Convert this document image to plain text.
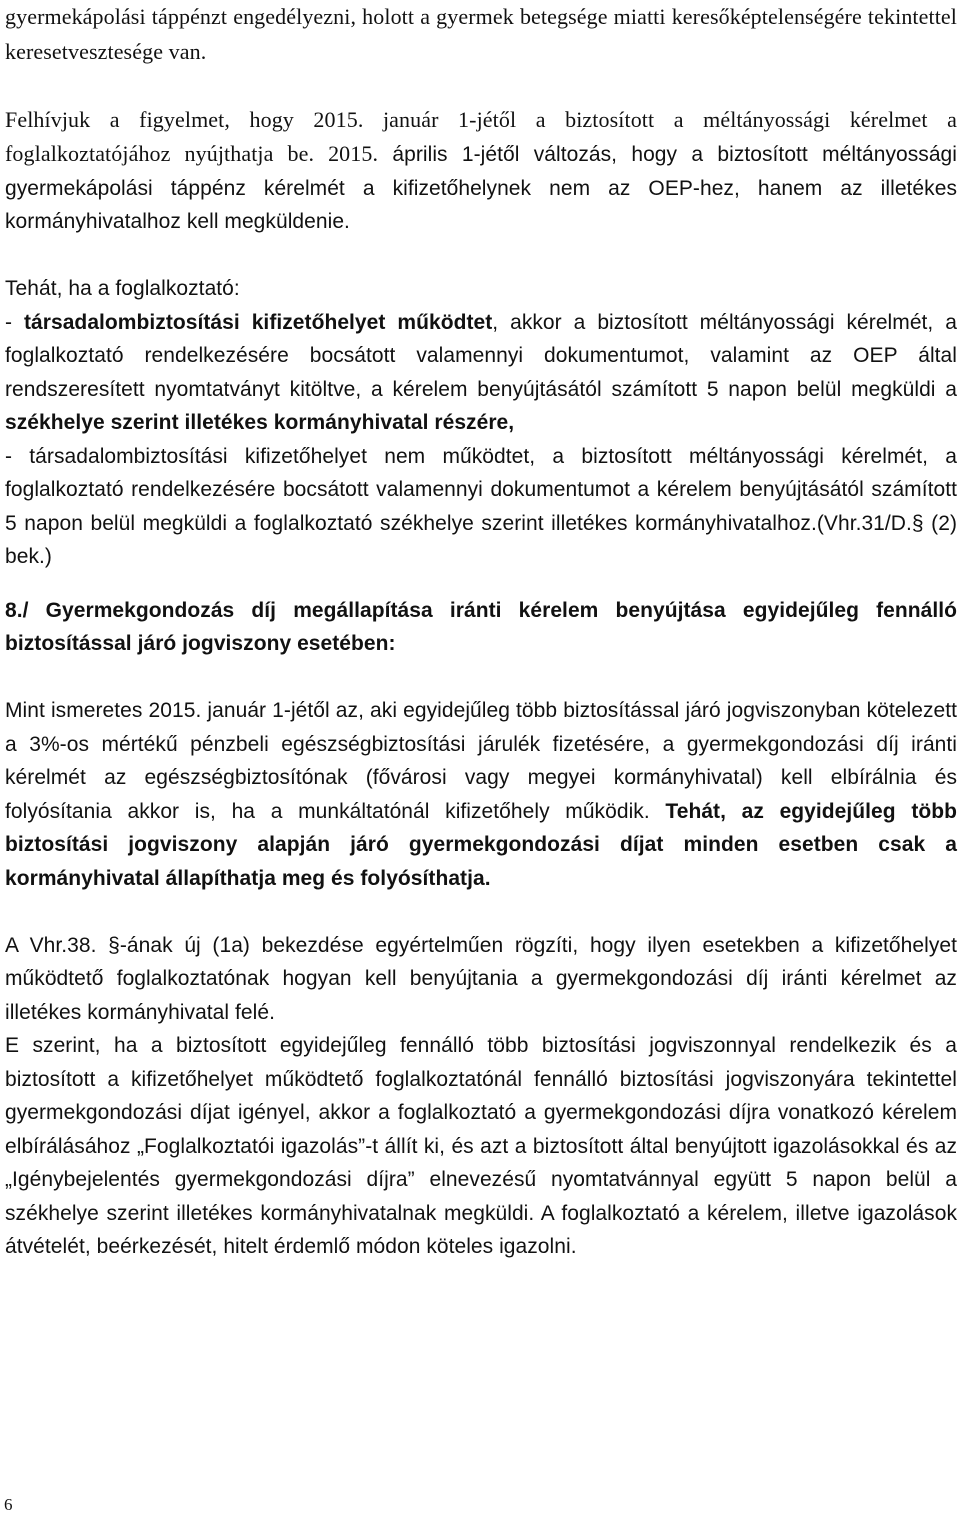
gyermekápolási táppénzt engedélyezni, holott a gyermek betegsége miatti keresőképtelenségére tekintettel keresetvesztesége van.

Felhívjuk a figyelmet, hogy 2015. január 1-jétől a biztosított a méltányossági kérelmet a foglalkoztatójához nyújthatja be. 2015. április 1-jétől változás, hogy a biztosított méltányossági gyermekápolási táppénz kérelmét a kifizetőhelynek nem az OEP-hez, hanem az illetékes kormányhivatalhoz kell megküldenie.

Tehát, ha a foglalkoztató:

- társadalombiztosítási kifizetőhelyet működtet, akkor a biztosított méltányossági kérelmét, a foglalkoztató rendelkezésére bocsátott valamennyi dokumentumot, valamint az OEP által rendszeresített nyomtatványt kitöltve, a kérelem benyújtásától számított 5 napon belül megküldi a székhelye szerint illetékes kormányhivatal részére,

- társadalombiztosítási kifizetőhelyet nem működtet, a biztosított méltányossági kérelmét, a foglalkoztató rendelkezésére bocsátott valamennyi dokumentumot a kérelem benyújtásától számított 5 napon belül megküldi a foglalkoztató székhelye szerint illetékes kormányhivatalhoz.(Vhr.31/D.§ (2) bek.)

8./ Gyermekgondozás díj megállapítása iránti kérelem benyújtása egyidejűleg fennálló biztosítással járó jogviszony esetében:

Mint ismeretes 2015. január 1-jétől az, aki egyidejűleg több biztosítással járó jogviszonyban kötelezett a 3%-os mértékű pénzbeli egészségbiztosítási járulék fizetésére, a gyermekgondozási díj iránti kérelmét az egészségbiztosítónak (fővárosi vagy megyei kormányhivatal) kell elbírálnia és folyósítania akkor is, ha a munkáltatónál kifizetőhely működik. Tehát, az egyidejűleg több biztosítási jogviszony alapján járó gyermekgondozási díjat minden esetben csak a kormányhivatal állapíthatja meg és folyósíthatja.

A Vhr.38. §-ának új (1a) bekezdése egyértelműen rögzíti, hogy ilyen esetekben a kifizetőhelyet működtető foglalkoztatónak hogyan kell benyújtania a gyermekgondozási díj iránti kérelmet az illetékes kormányhivatal felé.

E szerint, ha a biztosított egyidejűleg fennálló több biztosítási jogviszonnyal rendelkezik és a biztosított a kifizetőhelyet működtető foglalkoztatónál fennálló biztosítási jogviszonyára tekintettel gyermekgondozási díjat igényel, akkor a foglalkoztató a gyermekgondozási díjra vonatkozó kérelem elbírálásához „Foglalkoztatói igazolás”-t állít ki, és azt a biztosított által benyújtott igazolásokkal és az „Igénybejelentés gyermekgondozási díjra” elnevezésű nyomtatvánnyal együtt 5 napon belül a székhelye szerint illetékes kormányhivatalnak megküldi. A foglalkoztató a kérelem, illetve igazolások átvételét, beérkezését, hitelt érdemlő módon köteles igazolni.

6
